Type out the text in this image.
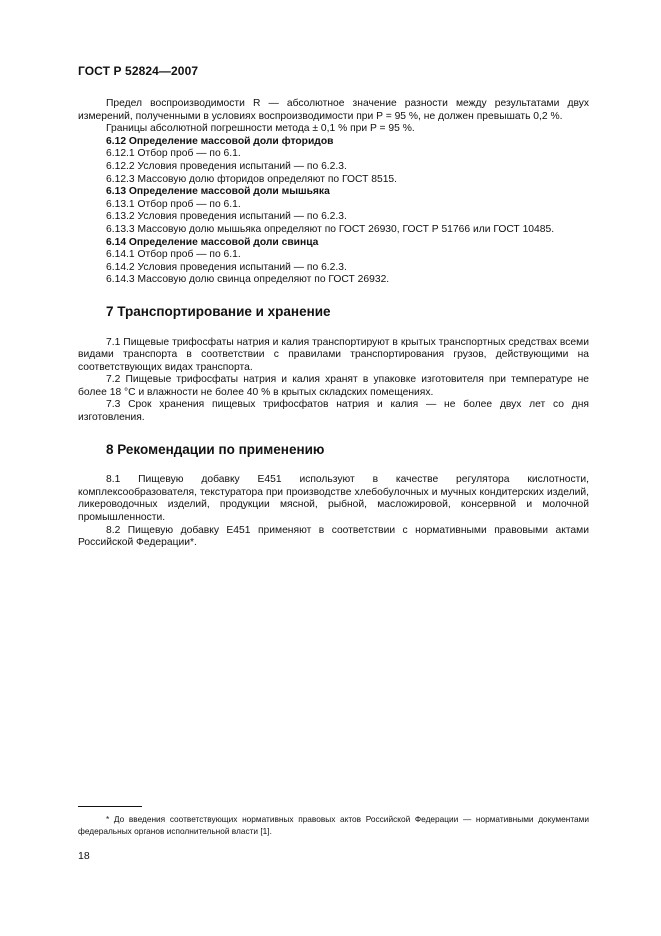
ГОСТ Р 52824—2007

Предел воспроизводимости R — абсолютное значение разности между результатами двух измерений, полученными в условиях воспроизводимости при P = 95 %, не должен превышать 0,2 %.

Границы абсолютной погрешности метода ± 0,1 % при P = 95 %.

6.12 Определение массовой доли фторидов

6.12.1 Отбор проб — по 6.1.

6.12.2 Условия проведения испытаний — по 6.2.3.

6.12.3 Массовую долю фторидов определяют по ГОСТ 8515.

6.13 Определение массовой доли мышьяка

6.13.1 Отбор проб — по 6.1.

6.13.2 Условия проведения испытаний — по 6.2.3.

6.13.3 Массовую долю мышьяка определяют по ГОСТ 26930, ГОСТ Р 51766 или ГОСТ 10485.

6.14 Определение массовой доли свинца

6.14.1 Отбор проб — по 6.1.

6.14.2 Условия проведения испытаний — по 6.2.3.

6.14.3 Массовую долю свинца определяют по ГОСТ 26932.

7 Транспортирование и хранение

7.1 Пищевые трифосфаты натрия и калия транспортируют в крытых транспортных средствах всеми видами транспорта в соответствии с правилами транспортирования грузов, действующими на соответствующих видах транспорта.

7.2 Пищевые трифосфаты натрия и калия хранят в упаковке изготовителя при температуре не более 18 °С и влажности не более 40 % в крытых складских помещениях.

7.3 Срок хранения пищевых трифосфатов натрия и калия — не более двух лет со дня изготовления.

8 Рекомендации по применению

8.1 Пищевую добавку Е451 используют в качестве регулятора кислотности, комплексообразователя, текстуратора при производстве хлебобулочных и мучных кондитерских изделий, ликероводочных изделий, продукции мясной, рыбной, масложировой, консервной и молочной промышленности.

8.2 Пищевую добавку Е451 применяют в соответствии с нормативными правовыми актами Российской Федерации*.

* До введения соответствующих нормативных правовых актов Российской Федерации — нормативными документами федеральных органов исполнительной власти [1].

18
